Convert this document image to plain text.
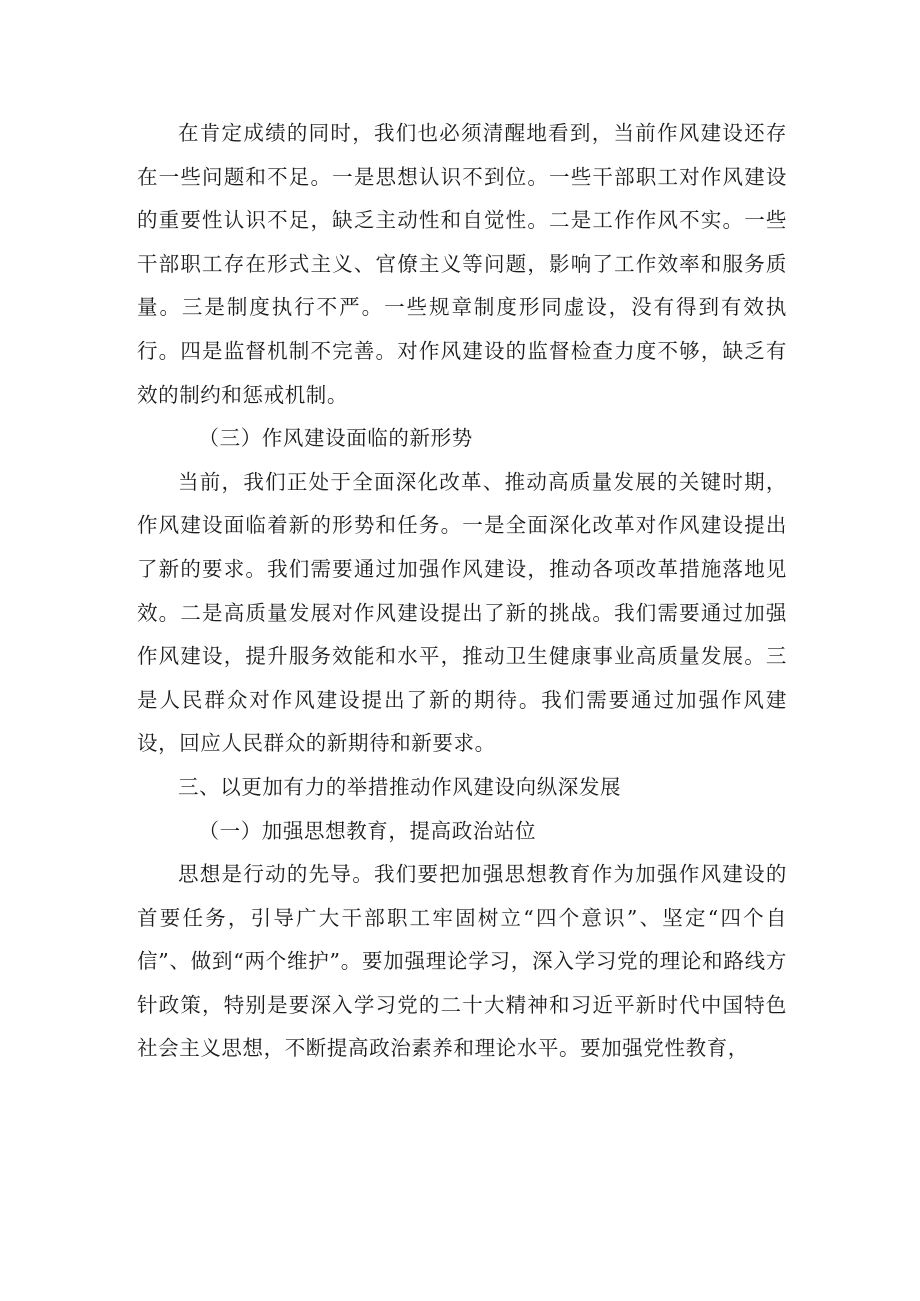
在肯定成绩的同时，我们也必须清醒地看到，当前作风建设还存在一些问题和不足。一是思想认识不到位。一些干部职工对作风建设的重要性认识不足，缺乏主动性和自觉性。二是工作作风不实。一些干部职工存在形式主义、官僚主义等问题，影响了工作效率和服务质量。三是制度执行不严。一些规章制度形同虚设，没有得到有效执行。四是监督机制不完善。对作风建设的监督检查力度不够，缺乏有效的制约和惩戒机制。

（三）作风建设面临的新形势

当前，我们正处于全面深化改革、推动高质量发展的关键时期，作风建设面临着新的形势和任务。一是全面深化改革对作风建设提出了新的要求。我们需要通过加强作风建设，推动各项改革措施落地见效。二是高质量发展对作风建设提出了新的挑战。我们需要通过加强作风建设，提升服务效能和水平，推动卫生健康事业高质量发展。三是人民群众对作风建设提出了新的期待。我们需要通过加强作风建设，回应人民群众的新期待和新要求。

三、以更加有力的举措推动作风建设向纵深发展

（一）加强思想教育，提高政治站位

思想是行动的先导。我们要把加强思想教育作为加强作风建设的首要任务，引导广大干部职工牢固树立“四个意识”、坚定“四个自信”、做到“两个维护”。要加强理论学习，深入学习党的理论和路线方针政策，特别是要深入学习党的二十大精神和习近平新时代中国特色社会主义思想，不断提高政治素养和理论水平。要加强党性教育，
